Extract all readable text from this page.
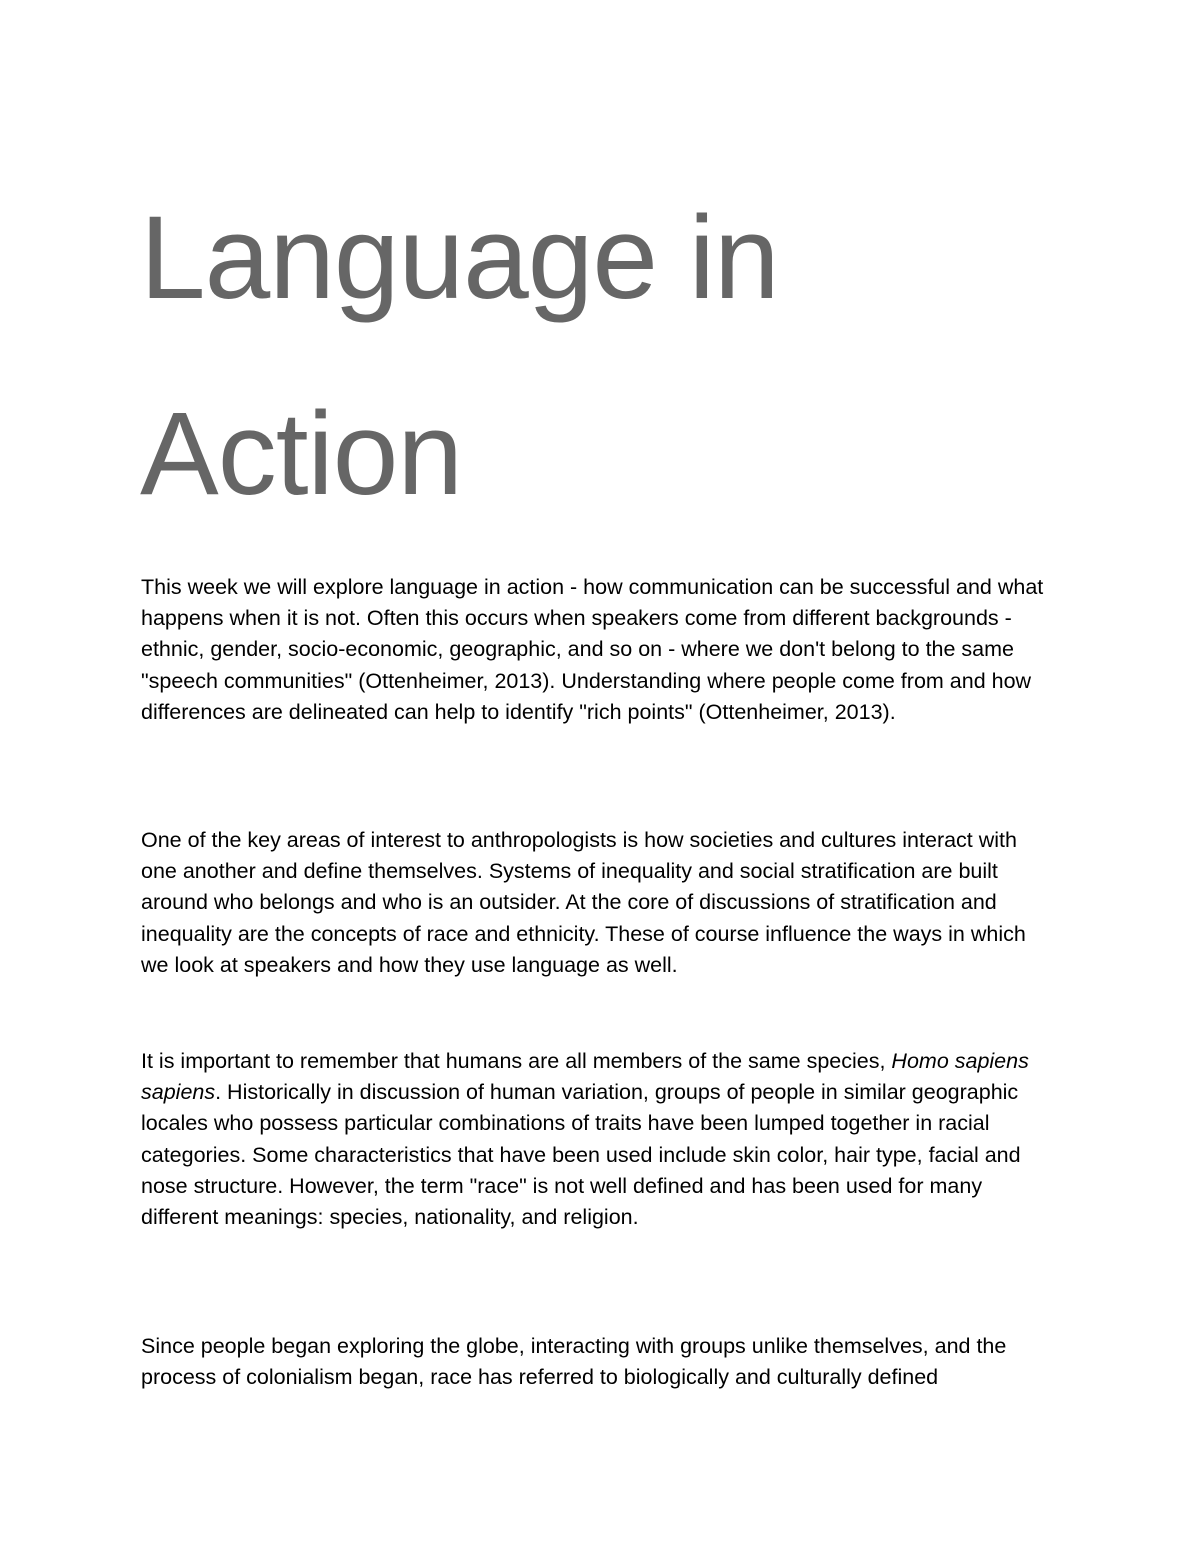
Language in Action

This week we will explore language in action - how communication can be successful and what happens when it is not. Often this occurs when speakers come from different backgrounds - ethnic, gender, socio-economic, geographic, and so on - where we don't belong to the same "speech communities" (Ottenheimer, 2013). Understanding where people come from and how differences are delineated can help to identify "rich points" (Ottenheimer, 2013).

One of the key areas of interest to anthropologists is how societies and cultures interact with one another and define themselves. Systems of inequality and social stratification are built around who belongs and who is an outsider. At the core of discussions of stratification and inequality are the concepts of race and ethnicity. These of course influence the ways in which we look at speakers and how they use language as well.

It is important to remember that humans are all members of the same species, Homo sapiens sapiens. Historically in discussion of human variation, groups of people in similar geographic locales who possess particular combinations of traits have been lumped together in racial categories. Some characteristics that have been used include skin color, hair type, facial and nose structure. However, the term "race" is not well defined and has been used for many different meanings: species, nationality, and religion.

Since people began exploring the globe, interacting with groups unlike themselves, and the process of colonialism began, race has referred to biologically and culturally defined
